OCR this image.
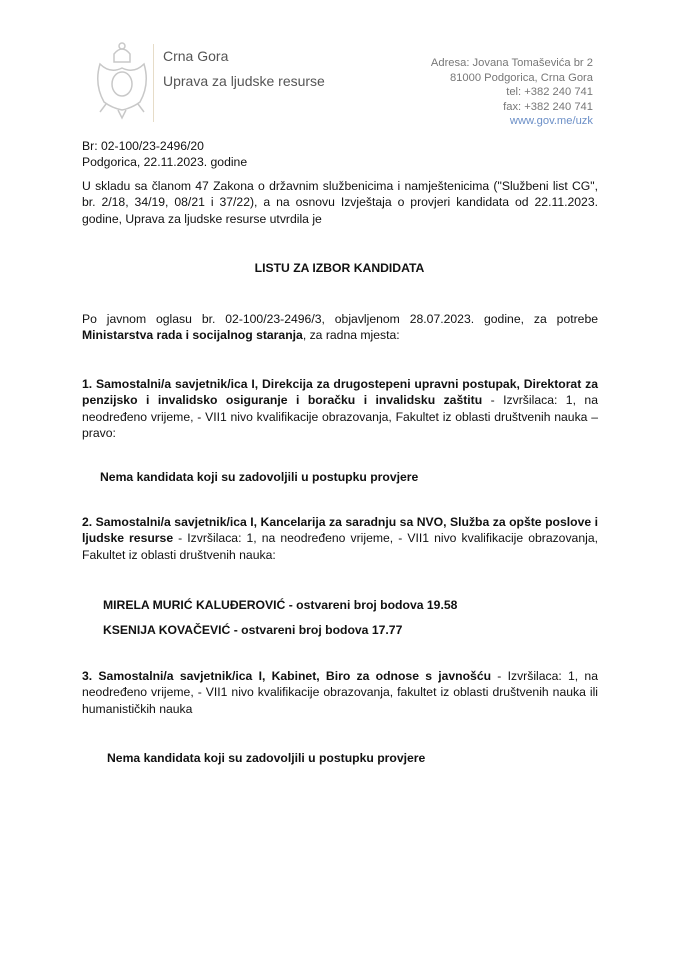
Crna Gora
Uprava za ljudske resurse
Adresa: Jovana Tomaševića br 2
81000 Podgorica, Crna Gora
tel: +382 240 741
fax: +382 240 741
www.gov.me/uzk
Br: 02-100/23-2496/20
Podgorica, 22.11.2023. godine
U skladu sa članom 47 Zakona o državnim službenicima i namještenicima ("Službeni list CG", br. 2/18, 34/19, 08/21 i 37/22), a na osnovu Izvještaja o provjeri kandidata od 22.11.2023. godine, Uprava za ljudske resurse utvrdila je
LISTU ZA IZBOR KANDIDATA
Po javnom oglasu br. 02-100/23-2496/3, objavljenom 28.07.2023. godine, za potrebe Ministarstva rada i socijalnog staranja, za radna mjesta:
1. Samostalni/a savjetnik/ica I, Direkcija za drugostepeni upravni postupak, Direktorat za penzijsko i invalidsko osiguranje i boračku i invalidsku zaštitu - Izvršilaca: 1, na neodređeno vrijeme, - VII1 nivo kvalifikacije obrazovanja, Fakultet iz oblasti društvenih nauka – pravo:
Nema kandidata koji su zadovoljili u postupku provjere
2. Samostalni/a savjetnik/ica I, Kancelarija za saradnju sa NVO, Služba za opšte poslove i ljudske resurse - Izvršilaca: 1, na neodređeno vrijeme, - VII1 nivo kvalifikacije obrazovanja, Fakultet iz oblasti društvenih nauka:
MIRELA MURIĆ KALUĐEROVIĆ - ostvareni broj bodova 19.58
KSENIJA KOVAČEVIĆ - ostvareni broj bodova 17.77
3. Samostalni/a savjetnik/ica I, Kabinet, Biro za odnose s javnošću - Izvršilaca: 1, na neodređeno vrijeme, - VII1 nivo kvalifikacije obrazovanja, fakultet iz oblasti društvenih nauka ili humanističkih nauka
Nema kandidata koji su zadovoljili u postupku provjere
